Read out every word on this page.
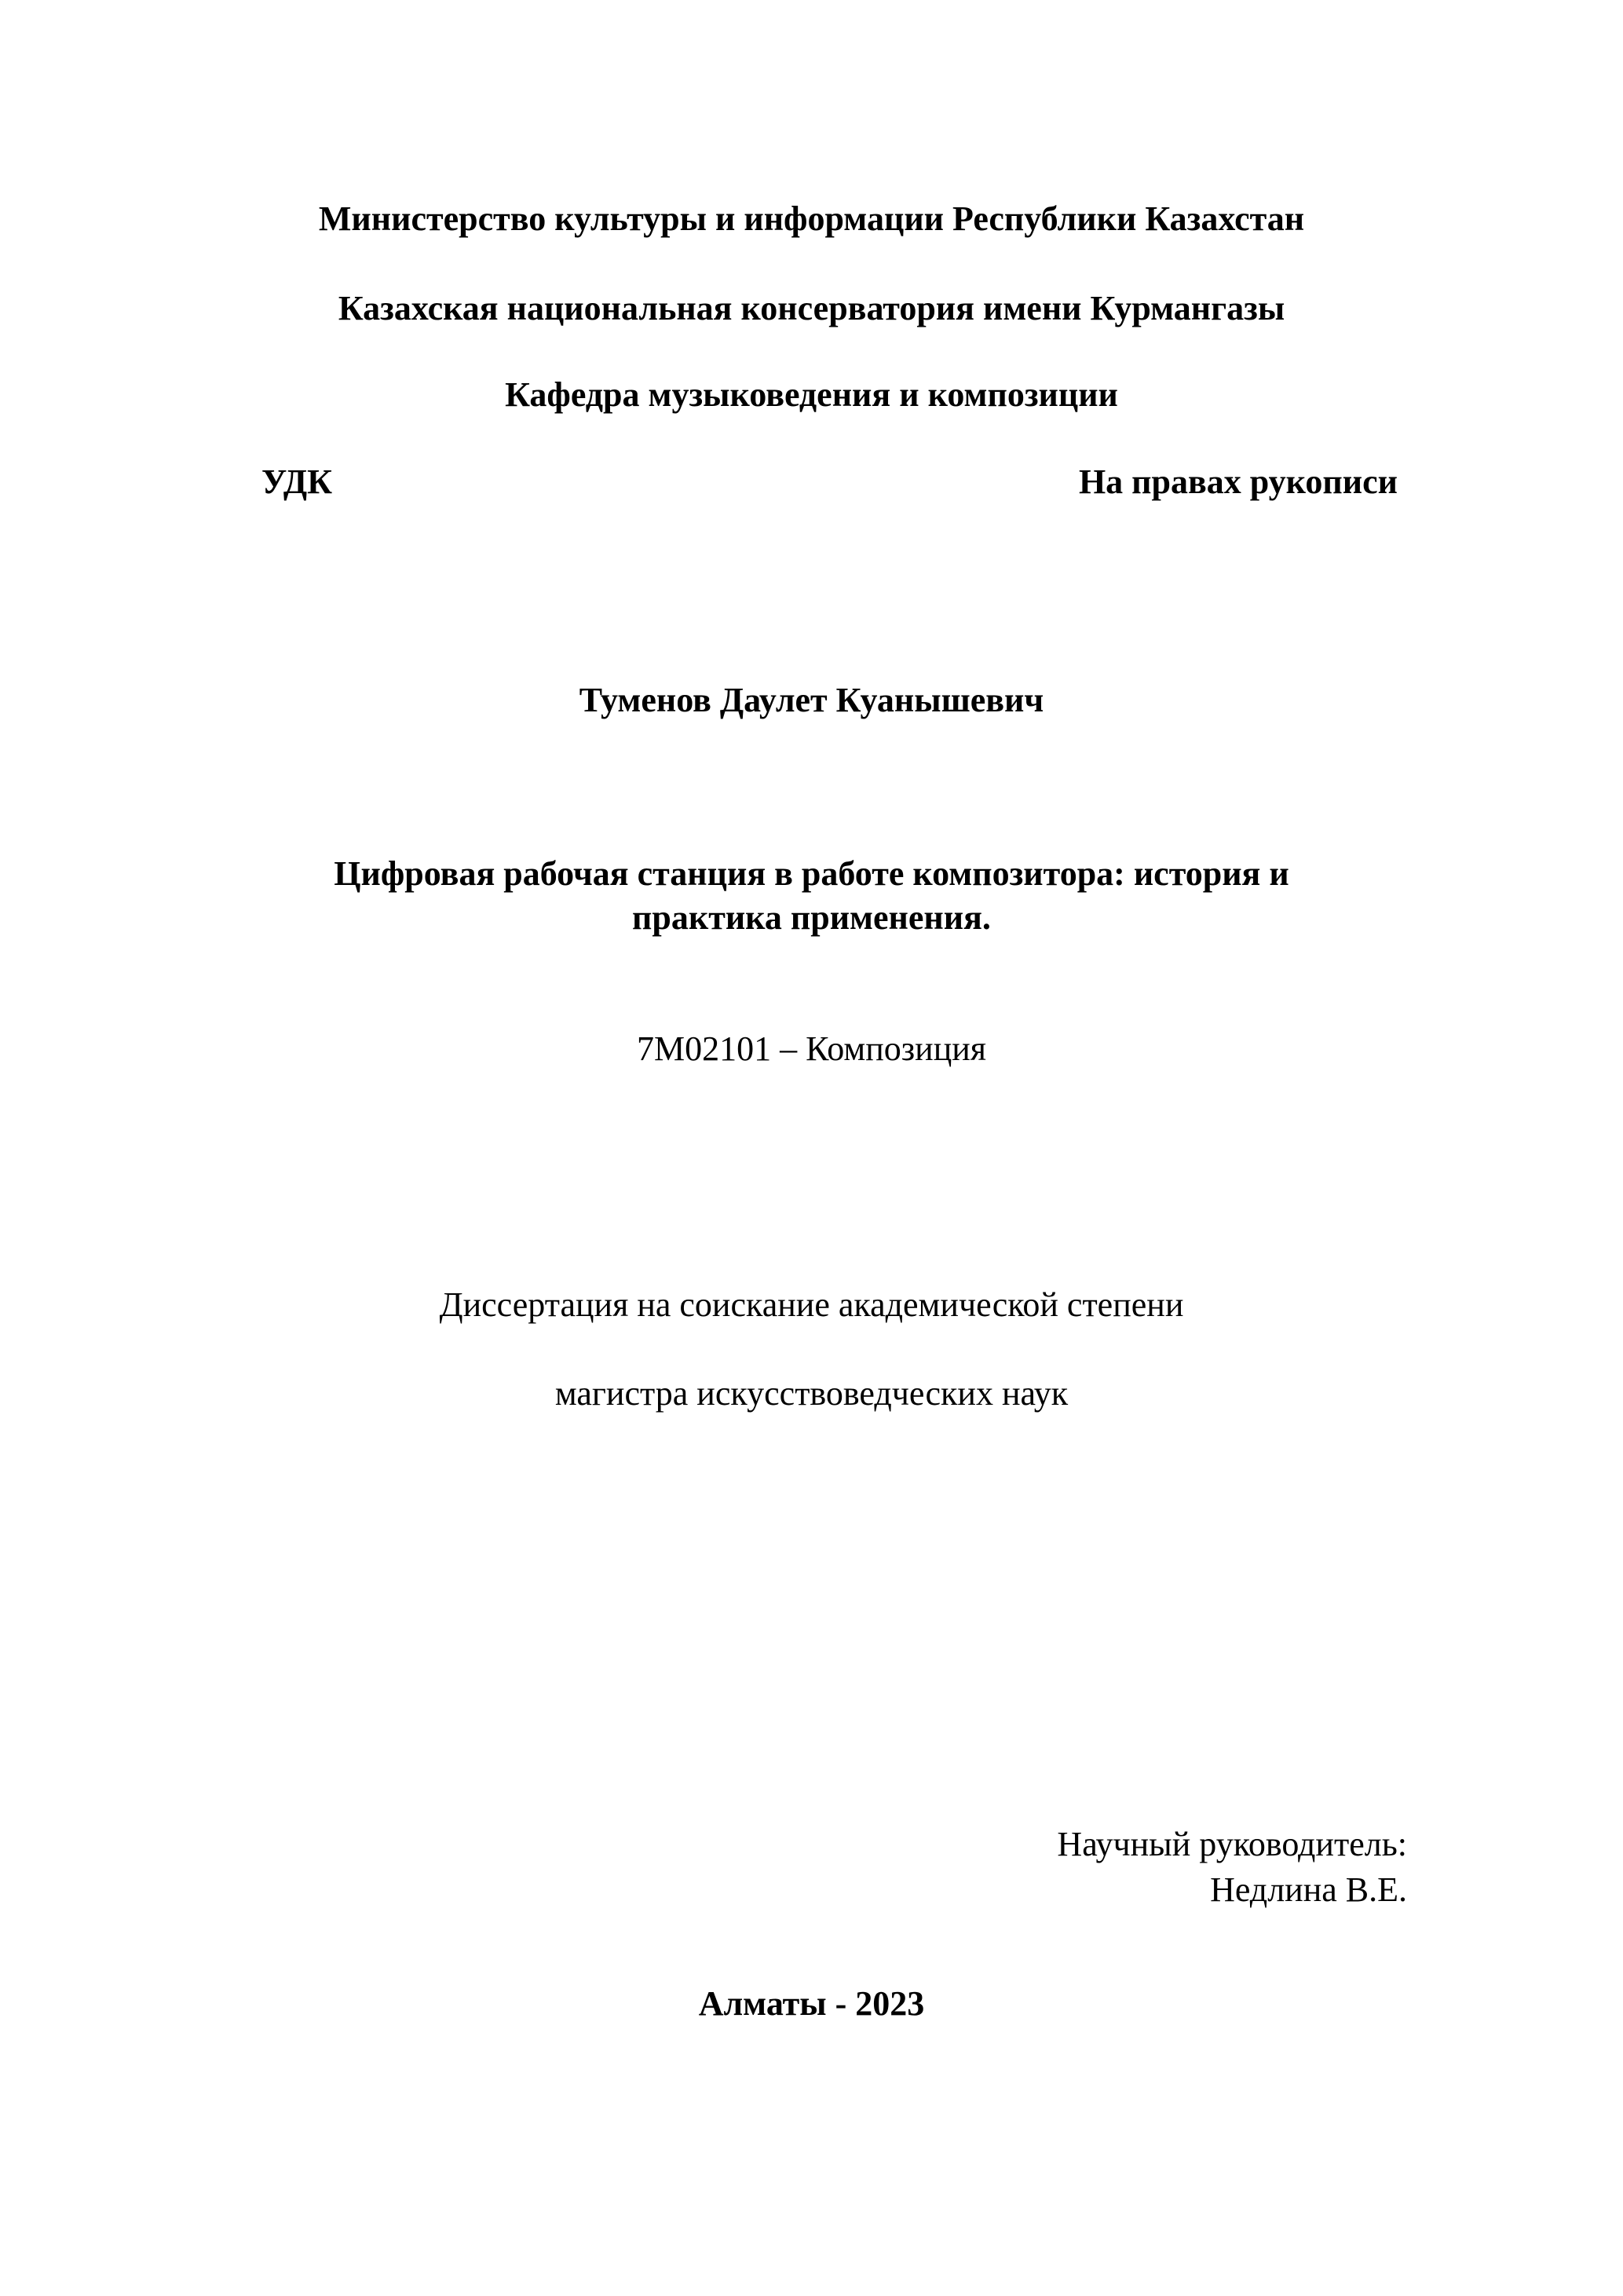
Министерство культуры и информации Республики Казахстан
Казахская национальная консерватория имени Курмангазы
Кафедра музыковедения и композиции
УДК	На правах рукописи
Туменов Даулет Куанышевич
Цифровая рабочая станция в работе композитора: история и
практика применения.
7М02101 – Композиция
Диссертация на соискание академической степени
магистра искусствоведческих наук
Научный руководитель:
Недлина В.Е.
Алматы - 2023
